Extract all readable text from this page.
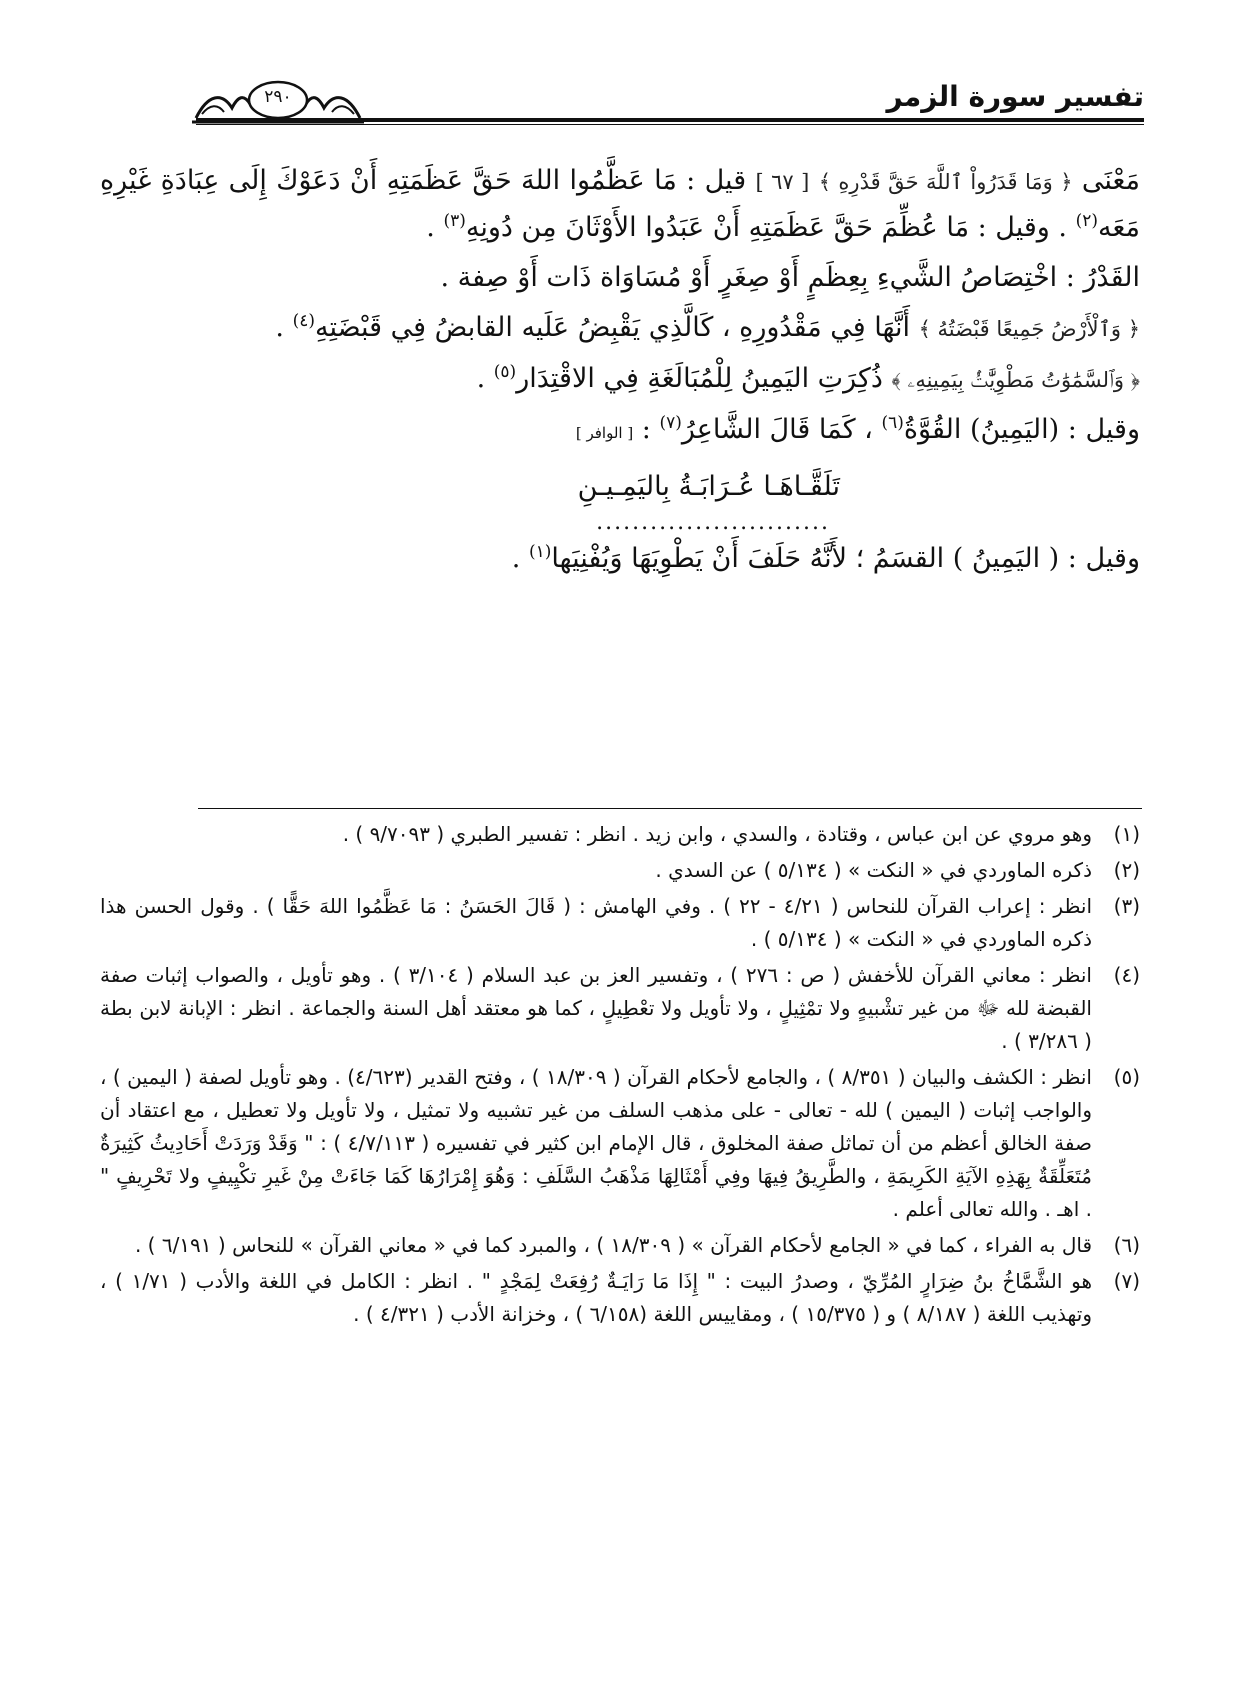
تفسير سورة الزمر
٢٩٠

مَعْنَى ﴿ وَمَا قَدَرُواْ ٱللَّهَ حَقَّ قَدْرِهِ ﴾ [ ٦٧ ] قيل : مَا عَظَّمُوا اللهَ حَقَّ عَظَمَتِهِ أَنْ دَعَوْكَ إِلَى عِبَادَةِ غَيْرِهِ مَعَه$^{(٢)}$ . وقيل : مَا عُظِّمَ حَقَّ عَظَمَتِهِ أَنْ عَبَدُوا الأَوْثَانَ مِن دُونِهِ$^{(٣)}$ .

القَدْرُ : اخْتِصَاصُ الشَّيءِ بِعِظَمٍ أَوْ صِغَرٍ أَوْ مُسَاوَاة ذَات أَوْ صِفة .

﴿ وَٱلْأَرْضُ جَمِيعًا قَبْضَتُهُ ﴾ أَنَّهَا فِي مَقْدُورِهِ ، كَالَّذِي يَقْبِضُ عَلَيه القابضُ فِي قَبْضَتِهِ$^{(٤)}$ .

﴿ وَٱلسَّمَٰوَٰتُ مَطْوِيَّٰتُۢ بِيَمِينِهِۦ ﴾ ذُكِرَتِ اليَمِينُ لِلْمُبَالَغَةِ فِي الاقْتِدَار$^{(٥)}$ .

وقيل : (اليَمِينُ) القُوَّةُ$^{(٦)}$ ، كَمَا قَالَ الشَّاعِرُ$^{(٧)}$ : [ الوافر ]

تَلَقَّـاهَـا عُـرَابَـةُ بِاليَمِـيـنِ
..........................

وقيل : ( اليَمِينُ ) القسَمُ ؛ لأَنَّهُ حَلَفَ أَنْ يَطْوِيَهَا وَيُفْنِيَها$^{(١)}$ .

(١)
وهو مروي عن ابن عباس ، وقتادة ، والسدي ، وابن زيد . انظر : تفسير الطبري ( ٩/٧٠٩٣ ) .
(٢)
ذكره الماوردي في « النكت » ( ٥/١٣٤ ) عن السدي .
(٣)
انظر : إعراب القرآن للنحاس ( ٤/٢١ - ٢٢ ) . وفي الهامش : ( قَالَ الحَسَنُ : مَا عَظَّمُوا اللهَ حَقًّا ) . وقول الحسن هذا ذكره الماوردي في « النكت » ( ٥/١٣٤ ) .
(٤)
انظر : معاني القرآن للأخفش ( ص : ٢٧٦ ) ، وتفسير العز بن عبد السلام ( ٣/١٠٤ ) . وهو تأويل ، والصواب إثبات صفة القبضة لله ﷻ من غير تشْبيهٍ ولا تمْثِيلٍ ، ولا تأويل ولا تعْطِيلٍ ، كما هو معتقد أهل السنة والجماعة . انظر : الإبانة لابن بطة ( ٣/٢٨٦ ) .
(٥)
انظر : الكشف والبيان ( ٨/٣٥١ ) ، والجامع لأحكام القرآن ( ١٨/٣٠٩ ) ، وفتح القدير (٤/٦٢٣) . وهو تأويل لصفة ( اليمين ) ، والواجب إثبات ( اليمين ) لله - تعالى - على مذهب السلف من غير تشبيه ولا تمثيل ، ولا تأويل ولا تعطيل ، مع اعتقاد أن صفة الخالق أعظم من أن تماثل صفة المخلوق ، قال الإمام ابن كثير في تفسيره ( ٤/٧/١١٣ ) : " وَقَدْ وَرَدَتْ أَحَادِيثُ كَثِيرَةٌ مُتَعَلِّقَةٌ بِهَذِهِ الآيَةِ الكَرِيمَةِ ، والطَّرِيقُ فِيهَا وفِي أَمْثَالِهَا مَذْهَبُ السَّلَفِ : وَهُوَ إِمْرَارُهَا كَمَا جَاءَتْ مِنْ غَيرِ تكْيِيفٍ ولا تَحْرِيفٍ " . اهـ . والله تعالى أعلم .
(٦)
قال به الفراء ، كما في « الجامع لأحكام القرآن » ( ١٨/٣٠٩ ) ، والمبرد كما في « معاني القرآن » للنحاس ( ٦/١٩١ ) .
(٧)
هو الشَّمَّاخُ بنُ ضِرَارٍ المُرِّيّ ، وصدرُ البيت : " إِذَا مَا رَايَـةٌ رُفِعَتْ لِمَجْدٍ " . انظر : الكامل في اللغة والأدب ( ١/٧١ ) ، وتهذيب اللغة ( ٨/١٨٧ ) و ( ١٥/٣٧٥ ) ، ومقاييس اللغة (٦/١٥٨ ) ، وخزانة الأدب ( ٤/٣٢١ ) .
